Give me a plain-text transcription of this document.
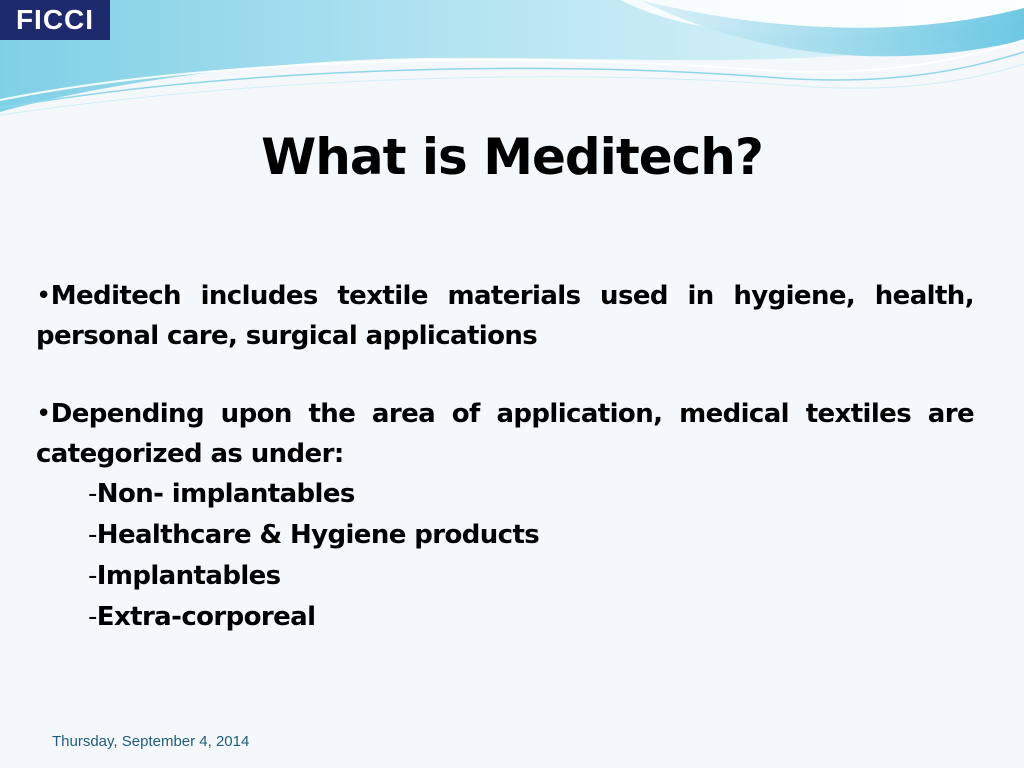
FICCI
What is Meditech?

•Meditech includes textile materials used in hygiene, health, personal care, surgical applications

•Depending upon the area of application, medical textiles are categorized as under:

-Non- implantables
-Healthcare & Hygiene products
-Implantables
-Extra-corporeal
Thursday, September 4, 2014
